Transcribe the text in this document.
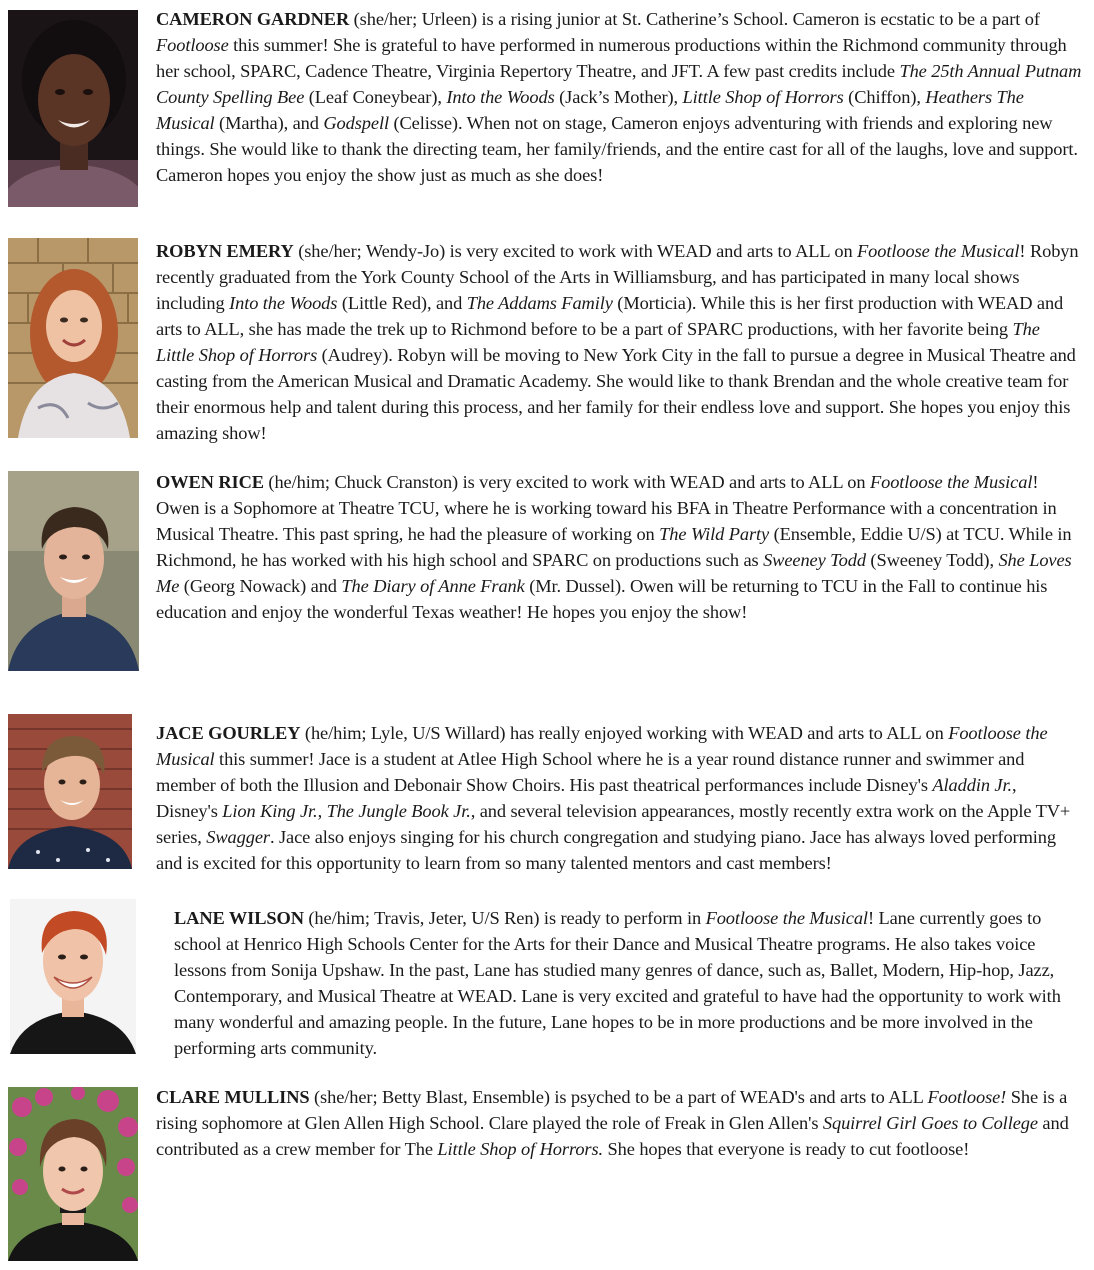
CAMERON GARDNER (she/her; Urleen) is a rising junior at St. Catherine’s School. Cameron is ecstatic to be a part of Footloose this summer! She is grateful to have performed in numerous productions within the Richmond community through her school, SPARC, Cadence Theatre, Virginia Repertory Theatre, and JFT. A few past credits include The 25th Annual Putnam County Spelling Bee (Leaf Coneybear), Into the Woods (Jack’s Mother), Little Shop of Horrors (Chiffon), Heathers The Musical (Martha), and Godspell (Celisse). When not on stage, Cameron enjoys adventuring with friends and exploring new things. She would like to thank the directing team, her family/friends, and the entire cast for all of the laughs, love and support. Cameron hopes you enjoy the show just as much as she does!
ROBYN EMERY (she/her; Wendy-Jo) is very excited to work with WEAD and arts to ALL on Footloose the Musical! Robyn recently graduated from the York County School of the Arts in Williamsburg, and has participated in many local shows including Into the Woods (Little Red), and The Addams Family (Morticia). While this is her first production with WEAD and arts to ALL, she has made the trek up to Richmond before to be a part of SPARC productions, with her favorite being The Little Shop of Horrors (Audrey). Robyn will be moving to New York City in the fall to pursue a degree in Musical Theatre and casting from the American Musical and Dramatic Academy. She would like to thank Brendan and the whole creative team for their enormous help and talent during this process, and her family for their endless love and support. She hopes you enjoy this amazing show!
OWEN RICE (he/him; Chuck Cranston) is very excited to work with WEAD and arts to ALL on Footloose the Musical! Owen is a Sophomore at Theatre TCU, where he is working toward his BFA in Theatre Performance with a concentration in Musical Theatre. This past spring, he had the pleasure of working on The Wild Party (Ensemble, Eddie U/S) at TCU. While in Richmond, he has worked with his high school and SPARC on productions such as Sweeney Todd (Sweeney Todd), She Loves Me (Georg Nowack) and The Diary of Anne Frank (Mr. Dussel). Owen will be returning to TCU in the Fall to continue his education and enjoy the wonderful Texas weather! He hopes you enjoy the show!
JACE GOURLEY (he/him; Lyle, U/S Willard) has really enjoyed working with WEAD and arts to ALL on Footloose the Musical this summer! Jace is a student at Atlee High School where he is a year round distance runner and swimmer and member of both the Illusion and Debonair Show Choirs. His past theatrical performances include Disney's Aladdin Jr., Disney's Lion King Jr., The Jungle Book Jr., and several television appearances, mostly recently extra work on the Apple TV+ series, Swagger. Jace also enjoys singing for his church congregation and studying piano. Jace has always loved performing and is excited for this opportunity to learn from so many talented mentors and cast members!
LANE WILSON (he/him; Travis, Jeter, U/S Ren) is ready to perform in Footloose the Musical! Lane currently goes to school at Henrico High Schools Center for the Arts for their Dance and Musical Theatre programs. He also takes voice lessons from Sonija Upshaw. In the past, Lane has studied many genres of dance, such as, Ballet, Modern, Hip-hop, Jazz, Contemporary, and Musical Theatre at WEAD. Lane is very excited and grateful to have had the opportunity to work with many wonderful and amazing people. In the future, Lane hopes to be in more productions and be more involved in the performing arts community.
CLARE MULLINS (she/her; Betty Blast, Ensemble) is psyched to be a part of WEAD's and arts to ALL Footloose! She is a rising sophomore at Glen Allen High School. Clare played the role of Freak in Glen Allen's Squirrel Girl Goes to College and contributed as a crew member for The Little Shop of Horrors. She hopes that everyone is ready to cut footloose!
